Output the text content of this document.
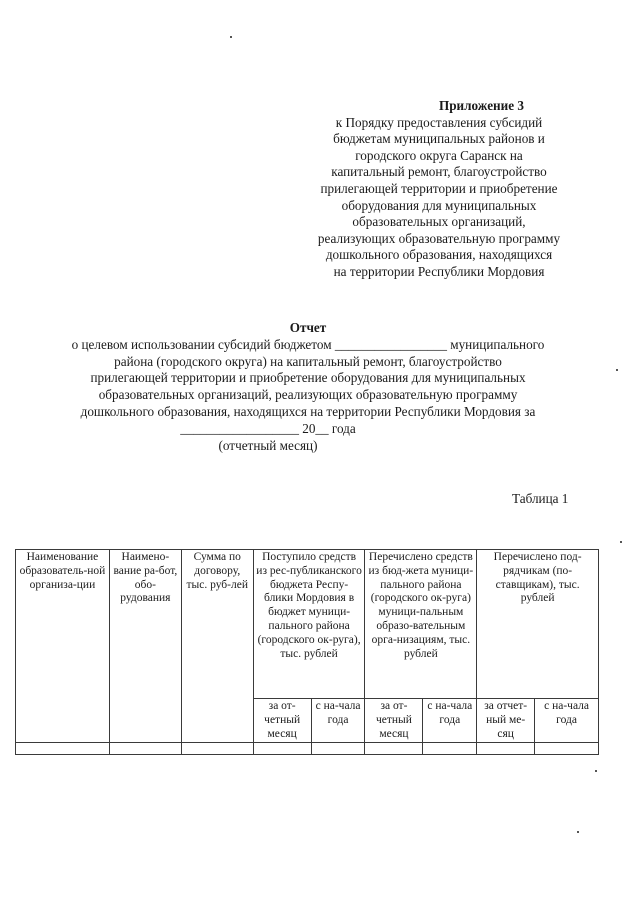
Приложение 3
к Порядку предоставления субсидий
бюджетам муниципальных районов и
городского округа Саранск на
капитальный ремонт, благоустройство
прилегающей территории и приобретение
оборудования для муниципальных
образовательных организаций,
реализующих образовательную программу
дошкольного образования, находящихся
на территории Республики Мордовия
Отчет
о целевом использовании субсидий бюджетом _________________ муниципального
района (городского округа) на капитальный ремонт, благоустройство
прилегающей территории и приобретение оборудования для муниципальных
образовательных организаций, реализующих образовательную программу
дошкольного образования, находящихся на территории Республики Мордовия за
__________________ 20__ года
(отчетный месяц)
Таблица 1
Наименование образователь-ной организа-ции	Наимено-вание ра-бот, обо-рудования	Сумма по договору, тыс. руб-лей	Поступило средств из рес-публиканского бюджета Респу-блики Мордовия в бюджет муници-пального района (городского ок-руга), тыс. рублей		Перечислено средств из бюд-жета муници-пального района (городского ок-руга) муници-пальным образо-вательным орга-низациям, тыс. рублей		Перечислено под-рядчикам (по-ставщикам), тыс. рублей	
			за от-четный месяц	с на-чала года	за от-четный месяц	с на-чала года	за отчет-ный ме-сяц	с на-чала года
